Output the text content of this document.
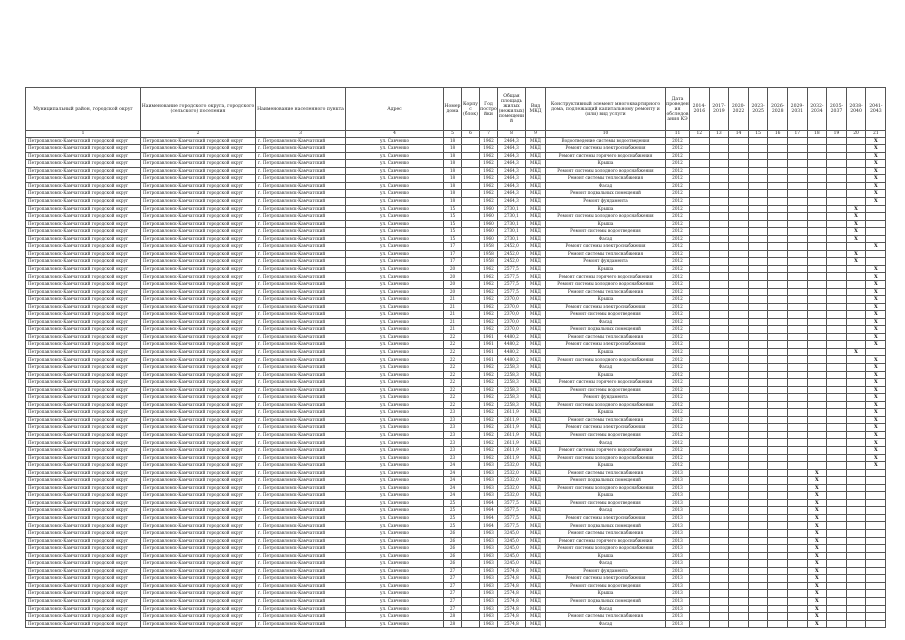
Муниципальный район, городской округ	Наименование городского округа, городского (сельского) поселения	Наименование населенного пункта	Адрес	Номер дома	Корпус (блок)	Год постройки	Общая площадь жилых (нежилых) помещений	Вид МКД	Конструктивный элемент многоквартирного дома, подлежащий капитальному ремонту и (или) вид услуги	Дата проведения обследования КЭ	2014-2016	2017-2019	2020-2022	2023-2025	2026-2028	2029-2031	2032-2034	2035-2037	2038-2040	2041-2043
1	2	3	4	5	6	7	8	9	10	11	12	13	14	15	16	17	18	19	20	21
Петропавловск-Камчатский городской округ	Петропавловск-Камчатский городской округ	г. Петропавловск-Камчатский	ул. Савченко	18		1962	2464,3	МКД	Водоотведение системы водоотведения	2012										X
Петропавловск-Камчатский городской округ	Петропавловск-Камчатский городской округ	г. Петропавловск-Камчатский	ул. Савченко	18		1962	2464,3	МКД	Ремонт системы электроснабжения	2012										X
Петропавловск-Камчатский городской округ	Петропавловск-Камчатский городской округ	г. Петропавловск-Камчатский	ул. Савченко	18		1962	2464,3	МКД	Ремонт системы горячего водоснабжения	2012										X
Петропавловск-Камчатский городской округ	Петропавловск-Камчатский городской округ	г. Петропавловск-Камчатский	ул. Савченко	18		1962	2464,3	МКД	Крыша	2012										X
Петропавловск-Камчатский городской округ	Петропавловск-Камчатский городской округ	г. Петропавловск-Камчатский	ул. Савченко	18		1962	2464,3	МКД	Ремонт системы холодного водоснабжения	2012										X
Петропавловск-Камчатский городской округ	Петропавловск-Камчатский городской округ	г. Петропавловск-Камчатский	ул. Савченко	18		1962	2464,3	МКД	Ремонт системы теплоснабжения	2012										X
Петропавловск-Камчатский городской округ	Петропавловск-Камчатский городской округ	г. Петропавловск-Камчатский	ул. Савченко	18		1962	2464,3	МКД	Фасад	2012										X
Петропавловск-Камчатский городской округ	Петропавловск-Камчатский городской округ	г. Петропавловск-Камчатский	ул. Савченко	18		1962	2464,3	МКД	Ремонт подвальных помещений	2012										X
Петропавловск-Камчатский городской округ	Петропавловск-Камчатский городской округ	г. Петропавловск-Камчатский	ул. Савченко	18		1962	2464,3	МКД	Ремонт фундамента	2012										X
Петропавловск-Камчатский городской округ	Петропавловск-Камчатский городской округ	г. Петропавловск-Камчатский	ул. Савченко	15		1960	2730,1	МКД	Крыша	2012									X	
Петропавловск-Камчатский городской округ	Петропавловск-Камчатский городской округ	г. Петропавловск-Камчатский	ул. Савченко	15		1960	2730,1	МКД	Ремонт системы холодного водоснабжения	2012									X	
Петропавловск-Камчатский городской округ	Петропавловск-Камчатский городской округ	г. Петропавловск-Камчатский	ул. Савченко	15		1960	2730,1	МКД	Крыша	2012									X	
Петропавловск-Камчатский городской округ	Петропавловск-Камчатский городской округ	г. Петропавловск-Камчатский	ул. Савченко	15		1960	2730,1	МКД	Ремонт системы водоотведения	2012									X	
Петропавловск-Камчатский городской округ	Петропавловск-Камчатский городской округ	г. Петропавловск-Камчатский	ул. Савченко	15		1960	2730,1	МКД	Фасад	2012									X	
Петропавловск-Камчатский городской округ	Петропавловск-Камчатский городской округ	г. Петропавловск-Камчатский	ул. Савченко	17		1958	2452,0	МКД	Ремонт системы электроснабжения	2012										X
Петропавловск-Камчатский городской округ	Петропавловск-Камчатский городской округ	г. Петропавловск-Камчатский	ул. Савченко	17		1958	2452,0	МКД	Ремонт системы теплоснабжения	2012									X	
Петропавловск-Камчатский городской округ	Петропавловск-Камчатский городской округ	г. Петропавловск-Камчатский	ул. Савченко	17		1958	2452,0	МКД	Ремонт фундамента	2012									X	
Петропавловск-Камчатский городской округ	Петропавловск-Камчатский городской округ	г. Петропавловск-Камчатский	ул. Савченко	20		1962	2577,5	МКД	Крыша	2012										X
Петропавловск-Камчатский городской округ	Петропавловск-Камчатский городской округ	г. Петропавловск-Камчатский	ул. Савченко	20		1962	2577,5	МКД	Ремонт системы горячего водоснабжения	2012										X
Петропавловск-Камчатский городской округ	Петропавловск-Камчатский городской округ	г. Петропавловск-Камчатский	ул. Савченко	20		1962	2577,5	МКД	Ремонт системы холодного водоснабжения	2012										X
Петропавловск-Камчатский городской округ	Петропавловск-Камчатский городской округ	г. Петропавловск-Камчатский	ул. Савченко	20		1962	2577,5	МКД	Ремонт системы теплоснабжения	2012										X
Петропавловск-Камчатский городской округ	Петропавловск-Камчатский городской округ	г. Петропавловск-Камчатский	ул. Савченко	21		1962	2370,0	МКД	Крыша	2012										X
Петропавловск-Камчатский городской округ	Петропавловск-Камчатский городской округ	г. Петропавловск-Камчатский	ул. Савченко	21		1962	2370,0	МКД	Ремонт системы электроснабжения	2012										X
Петропавловск-Камчатский городской округ	Петропавловск-Камчатский городской округ	г. Петропавловск-Камчатский	ул. Савченко	21		1962	2370,0	МКД	Ремонт системы водоотведения	2012										X
Петропавловск-Камчатский городской округ	Петропавловск-Камчатский городской округ	г. Петропавловск-Камчатский	ул. Савченко	21		1962	2370,0	МКД	Фасад	2012										X
Петропавловск-Камчатский городской округ	Петропавловск-Камчатский городской округ	г. Петропавловск-Камчатский	ул. Савченко	21		1962	2370,0	МКД	Ремонт подвальных помещений	2012										X
Петропавловск-Камчатский городской округ	Петропавловск-Камчатский городской округ	г. Петропавловск-Камчатский	ул. Савченко	22		1961	4480,2	МКД	Ремонт системы теплоснабжения	2012										X
Петропавловск-Камчатский городской округ	Петропавловск-Камчатский городской округ	г. Петропавловск-Камчатский	ул. Савченко	22		1961	4480,2	МКД	Ремонт системы электроснабжения	2012										X
Петропавловск-Камчатский городской округ	Петропавловск-Камчатский городской округ	г. Петропавловск-Камчатский	ул. Савченко	22		1961	4480,2	МКД	Крыша	2012									X	
Петропавловск-Камчатский городской округ	Петропавловск-Камчатский городской округ	г. Петропавловск-Камчатский	ул. Савченко	22		1961	4480,2	МКД	Ремонт системы холодного водоснабжения	2012										X
Петропавловск-Камчатский городской округ	Петропавловск-Камчатский городской округ	г. Петропавловск-Камчатский	ул. Савченко	22		1962	2258,3	МКД	Фасад	2012										X
Петропавловск-Камчатский городской округ	Петропавловск-Камчатский городской округ	г. Петропавловск-Камчатский	ул. Савченко	22		1962	2258,3	МКД	Крыша	2012										X
Петропавловск-Камчатский городской округ	Петропавловск-Камчатский городской округ	г. Петропавловск-Камчатский	ул. Савченко	22		1962	2258,3	МКД	Ремонт системы горячего водоснабжения	2012										X
Петропавловск-Камчатский городской округ	Петропавловск-Камчатский городской округ	г. Петропавловск-Камчатский	ул. Савченко	22		1962	2258,3	МКД	Ремонт системы водоотведения	2012										X
Петропавловск-Камчатский городской округ	Петропавловск-Камчатский городской округ	г. Петропавловск-Камчатский	ул. Савченко	22		1962	2258,3	МКД	Ремонт фундамента	2012										X
Петропавловск-Камчатский городской округ	Петропавловск-Камчатский городской округ	г. Петропавловск-Камчатский	ул. Савченко	22		1962	2258,3	МКД	Ремонт системы холодного водоснабжения	2012										X
Петропавловск-Камчатский городской округ	Петропавловск-Камчатский городской округ	г. Петропавловск-Камчатский	ул. Савченко	23		1962	2611,9	МКД	Крыша	2012										X
Петропавловск-Камчатский городской округ	Петропавловск-Камчатский городской округ	г. Петропавловск-Камчатский	ул. Савченко	23		1962	2611,9	МКД	Ремонт системы теплоснабжения	2012										X
Петропавловск-Камчатский городской округ	Петропавловск-Камчатский городской округ	г. Петропавловск-Камчатский	ул. Савченко	23		1962	2611,9	МКД	Ремонт системы электроснабжения	2012										X
Петропавловск-Камчатский городской округ	Петропавловск-Камчатский городской округ	г. Петропавловск-Камчатский	ул. Савченко	23		1962	2611,9	МКД	Ремонт системы водоотведения	2012										X
Петропавловск-Камчатский городской округ	Петропавловск-Камчатский городской округ	г. Петропавловск-Камчатский	ул. Савченко	23		1962	2611,9	МКД	Фасад	2012										X
Петропавловск-Камчатский городской округ	Петропавловск-Камчатский городской округ	г. Петропавловск-Камчатский	ул. Савченко	23		1962	2611,9	МКД	Ремонт системы горячего водоснабжения	2012										X
Петропавловск-Камчатский городской округ	Петропавловск-Камчатский городской округ	г. Петропавловск-Камчатский	ул. Савченко	23		1962	2611,9	МКД	Ремонт системы холодного водоснабжения	2012										X
Петропавловск-Камчатский городской округ	Петропавловск-Камчатский городской округ	г. Петропавловск-Камчатский	ул. Савченко	24		1963	2532,0	МКД	Крыша	2012										X
Петропавловск-Камчатский городской округ	Петропавловск-Камчатский городской округ	г. Петропавловск-Камчатский	ул. Савченко	24		1963	2532,0	МКД	Ремонт системы теплоснабжения	2013							X			
Петропавловск-Камчатский городской округ	Петропавловск-Камчатский городской округ	г. Петропавловск-Камчатский	ул. Савченко	24		1963	2532,0	МКД	Ремонт подвальных помещений	2013							X			
Петропавловск-Камчатский городской округ	Петропавловск-Камчатский городской округ	г. Петропавловск-Камчатский	ул. Савченко	24		1963	2532,0	МКД	Ремонт системы холодного водоснабжения	2013							X			
Петропавловск-Камчатский городской округ	Петропавловск-Камчатский городской округ	г. Петропавловск-Камчатский	ул. Савченко	24		1963	2532,0	МКД	Крыша	2013							X			
Петропавловск-Камчатский городской округ	Петропавловск-Камчатский городской округ	г. Петропавловск-Камчатский	ул. Савченко	25		1964	3577,5	МКД	Ремонт системы водоотведения	2013							X			
Петропавловск-Камчатский городской округ	Петропавловск-Камчатский городской округ	г. Петропавловск-Камчатский	ул. Савченко	25		1964	3577,5	МКД	Фасад	2013							X			
Петропавловск-Камчатский городской округ	Петропавловск-Камчатский городской округ	г. Петропавловск-Камчатский	ул. Савченко	25		1964	3577,5	МКД	Ремонт системы электроснабжения	2013							X			
Петропавловск-Камчатский городской округ	Петропавловск-Камчатский городской округ	г. Петропавловск-Камчатский	ул. Савченко	25		1964	3577,5	МКД	Ремонт подвальных помещений	2013							X			
Петропавловск-Камчатский городской округ	Петропавловск-Камчатский городской округ	г. Петропавловск-Камчатский	ул. Савченко	26		1963	3245,0	МКД	Ремонт системы теплоснабжения	2013							X			
Петропавловск-Камчатский городской округ	Петропавловск-Камчатский городской округ	г. Петропавловск-Камчатский	ул. Савченко	26		1963	3245,0	МКД	Ремонт системы горячего водоснабжения	2013							X			
Петропавловск-Камчатский городской округ	Петропавловск-Камчатский городской округ	г. Петропавловск-Камчатский	ул. Савченко	26		1963	3245,0	МКД	Ремонт системы холодного водоснабжения	2013							X			
Петропавловск-Камчатский городской округ	Петропавловск-Камчатский городской округ	г. Петропавловск-Камчатский	ул. Савченко	26		1963	3245,0	МКД	Крыша	2013							X			
Петропавловск-Камчатский городской округ	Петропавловск-Камчатский городской округ	г. Петропавловск-Камчатский	ул. Савченко	26		1963	3245,0	МКД	Фасад	2013							X			
Петропавловск-Камчатский городской округ	Петропавловск-Камчатский городской округ	г. Петропавловск-Камчатский	ул. Савченко	27		1963	2574,8	МКД	Ремонт фундамента	2013							X			
Петропавловск-Камчатский городской округ	Петропавловск-Камчатский городской округ	г. Петропавловск-Камчатский	ул. Савченко	27		1963	2574,8	МКД	Ремонт системы электроснабжения	2013							X			
Петропавловск-Камчатский городской округ	Петропавловск-Камчатский городской округ	г. Петропавловск-Камчатский	ул. Савченко	27		1963	2574,8	МКД	Ремонт системы водоотведения	2013							X			
Петропавловск-Камчатский городской округ	Петропавловск-Камчатский городской округ	г. Петропавловск-Камчатский	ул. Савченко	27		1963	2574,8	МКД	Крыша	2013							X			
Петропавловск-Камчатский городской округ	Петропавловск-Камчатский городской округ	г. Петропавловск-Камчатский	ул. Савченко	27		1963	2574,8	МКД	Ремонт подвальных помещений	2013							X			
Петропавловск-Камчатский городской округ	Петропавловск-Камчатский городской округ	г. Петропавловск-Камчатский	ул. Савченко	27		1963	2574,8	МКД	Фасад	2013							X			
Петропавловск-Камчатский городской округ	Петропавловск-Камчатский городской округ	г. Петропавловск-Камчатский	ул. Савченко	28		1963	2574,8	МКД	Ремонт системы теплоснабжения	2013							X			
Петропавловск-Камчатский городской округ	Петропавловск-Камчатский городской округ	г. Петропавловск-Камчатский	ул. Савченко	28		1963	2574,8	МКД	Фасад	2013							X			
